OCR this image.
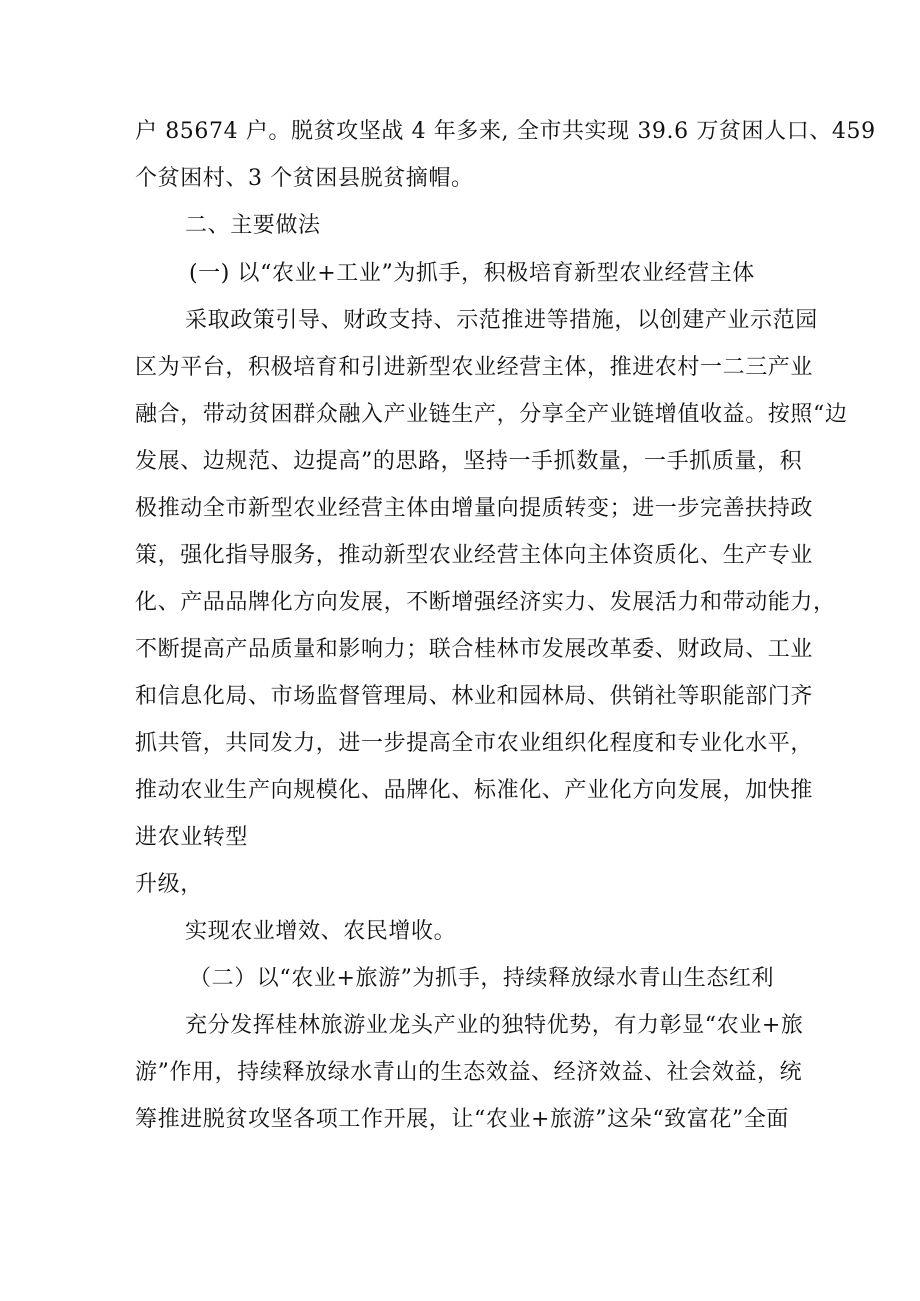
户 85674 户。脱贫攻坚战 4 年多来, 全市共实现 39.6 万贫困人口、459
个贫困村、3 个贫困县脱贫摘帽。
二、主要做法
(一) 以“农业+工业”为抓手，积极培育新型农业经营主体
采取政策引导、财政支持、示范推进等措施，以创建产业示范园
区为平台，积极培育和引进新型农业经营主体，推进农村一二三产业
融合，带动贫困群众融入产业链生产，分享全产业链增值收益。按照“边
发展、边规范、边提高”的思路，坚持一手抓数量，一手抓质量，积
极推动全市新型农业经营主体由增量向提质转变；进一步完善扶持政
策，强化指导服务，推动新型农业经营主体向主体资质化、生产专业
化、产品品牌化方向发展，不断增强经济实力、发展活力和带动能力，
不断提高产品质量和影响力；联合桂林市发展改革委、财政局、工业
和信息化局、市场监督管理局、林业和园林局、供销社等职能部门齐
抓共管，共同发力，进一步提高全市农业组织化程度和专业化水平，
推动农业生产向规模化、品牌化、标准化、产业化方向发展，加快推
进农业转型
升级，
实现农业增效、农民增收。
（二）以“农业+旅游”为抓手，持续释放绿水青山生态红利
充分发挥桂林旅游业龙头产业的独特优势，有力彰显“农业+旅
游”作用，持续释放绿水青山的生态效益、经济效益、社会效益，统
筹推进脱贫攻坚各项工作开展，让“农业+旅游”这朵“致富花”全面
